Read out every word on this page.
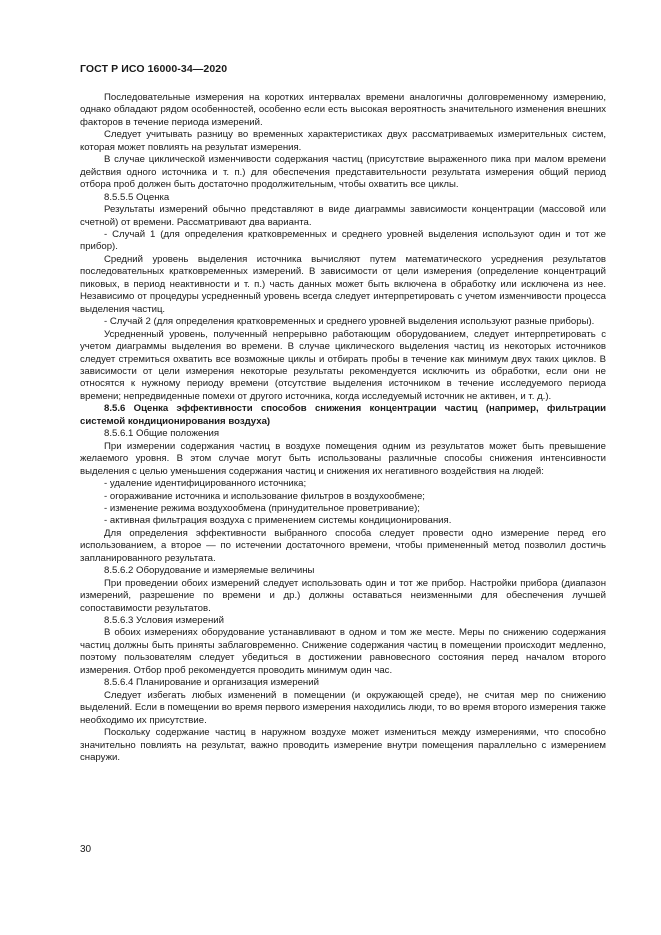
ГОСТ Р ИСО 16000-34—2020

Последовательные измерения на коротких интервалах времени аналогичны долговременному измерению, однако обладают рядом особенностей, особенно если есть высокая вероятность значительного изменения внешних факторов в течение периода измерений.

Следует учитывать разницу во временных характеристиках двух рассматриваемых измерительных систем, которая может повлиять на результат измерения.

В случае циклической изменчивости содержания частиц (присутствие выраженного пика при малом времени действия одного источника и т. п.) для обеспечения представительности результата измерения общий период отбора проб должен быть достаточно продолжительным, чтобы охватить все циклы.

8.5.5.5 Оценка

Результаты измерений обычно представляют в виде диаграммы зависимости концентрации (массовой или счетной) от времени. Рассматривают два варианта.

- Случай 1 (для определения кратковременных и среднего уровней выделения используют один и тот же прибор).

Средний уровень выделения источника вычисляют путем математического усреднения результатов последовательных кратковременных измерений. В зависимости от цели измерения (определение концентраций пиковых, в период неактивности и т. п.) часть данных может быть включена в обработку или исключена из нее. Независимо от процедуры усредненный уровень всегда следует интерпретировать с учетом изменчивости процесса выделения частиц.

- Случай 2 (для определения кратковременных и среднего уровней выделения используют разные приборы).

Усредненный уровень, полученный непрерывно работающим оборудованием, следует интерпретировать с учетом диаграммы выделения во времени. В случае циклического выделения частиц из некоторых источников следует стремиться охватить все возможные циклы и отбирать пробы в течение как минимум двух таких циклов. В зависимости от цели измерения некоторые результаты рекомендуется исключить из обработки, если они не относятся к нужному периоду времени (отсутствие выделения источником в течение исследуемого периода времени; непредвиденные помехи от другого источника, когда исследуемый источник не активен, и т. д.).

8.5.6 Оценка эффективности способов снижения концентрации частиц (например, фильтрации системой кондиционирования воздуха)

8.5.6.1 Общие положения

При измерении содержания частиц в воздухе помещения одним из результатов может быть превышение желаемого уровня. В этом случае могут быть использованы различные способы снижения интенсивности выделения с целью уменьшения содержания частиц и снижения их негативного воздействия на людей:

- удаление идентифицированного источника;

- огораживание источника и использование фильтров в воздухообмене;

- изменение режима воздухообмена (принудительное проветривание);

- активная фильтрация воздуха с применением системы кондиционирования.

Для определения эффективности выбранного способа следует провести одно измерение перед его использованием, а второе — по истечении достаточного времени, чтобы примененный метод позволил достичь запланированного результата.

8.5.6.2 Оборудование и измеряемые величины

При проведении обоих измерений следует использовать один и тот же прибор. Настройки прибора (диапазон измерений, разрешение по времени и др.) должны оставаться неизменными для обеспечения лучшей сопоставимости результатов.

8.5.6.3 Условия измерений

В обоих измерениях оборудование устанавливают в одном и том же месте. Меры по снижению содержания частиц должны быть приняты заблаговременно. Снижение содержания частиц в помещении происходит медленно, поэтому пользователям следует убедиться в достижении равновесного состояния перед началом второго измерения. Отбор проб рекомендуется проводить минимум один час.

8.5.6.4 Планирование и организация измерений

Следует избегать любых изменений в помещении (и окружающей среде), не считая мер по снижению выделений. Если в помещении во время первого измерения находились люди, то во время второго измерения также необходимо их присутствие.

Поскольку содержание частиц в наружном воздухе может измениться между измерениями, что способно значительно повлиять на результат, важно проводить измерение внутри помещения параллельно с измерением снаружи.

30
